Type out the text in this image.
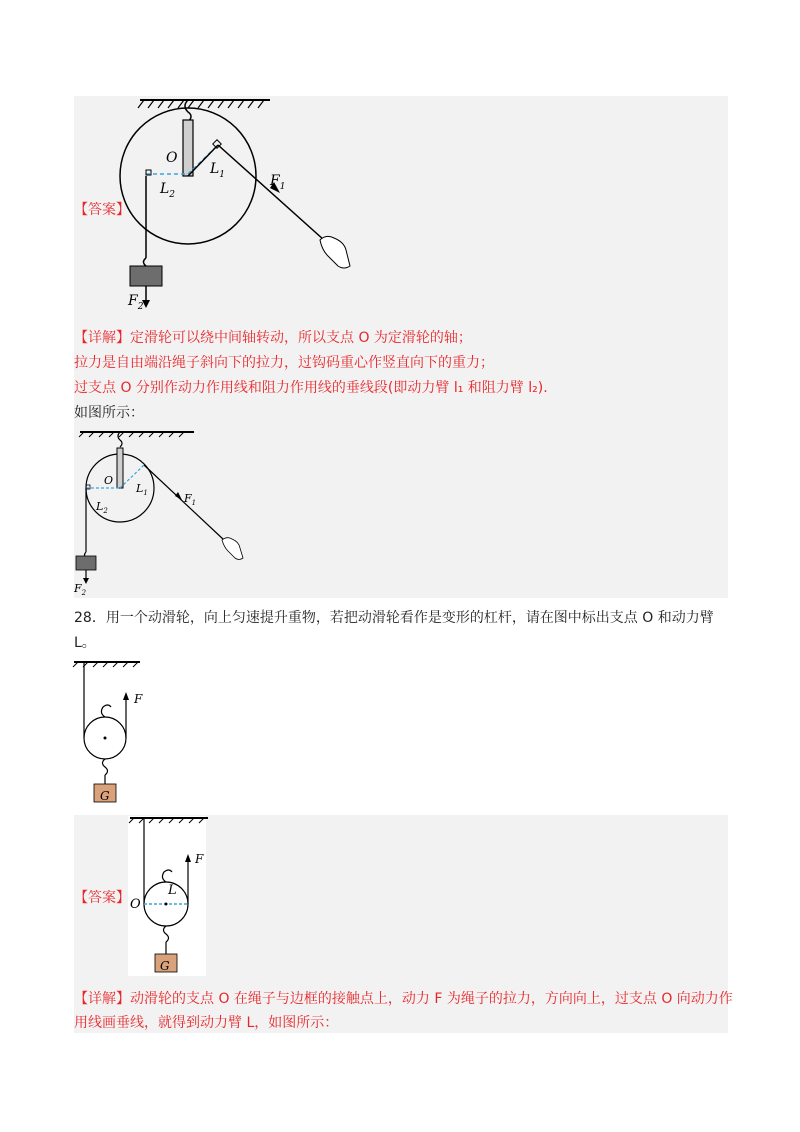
O
$L_1$
$L_2$
$F_1$
$F_2$
【答案】
【详解】 定滑轮可以绕中间轴转动，所以支点 O 为定滑轮的轴；
拉力是自由端沿绳子斜向下的拉力，过钩码重心作竖直向下的重力；
过支点 O 分别作动力作用线和阻力作用线的垂线段(即动力臂 l₁ 和阻力臂 l₂).
如图所示：
O
$L_1$
$L_2$
$F_1$
$F_2$
28．用一个动滑轮，向上匀速提升重物，若把动滑轮看作是变形的杠杆，请在图中标出支点 O 和动力臂
L。
F
G
F
L
O
G
【答案】
【详解】 动滑轮的支点 O 在绳子与边框的接触点上，动力 F 为绳子的拉力，方向向上，过支点 O 向动力作
用线画垂线，就得到动力臂 L，如图所示：
